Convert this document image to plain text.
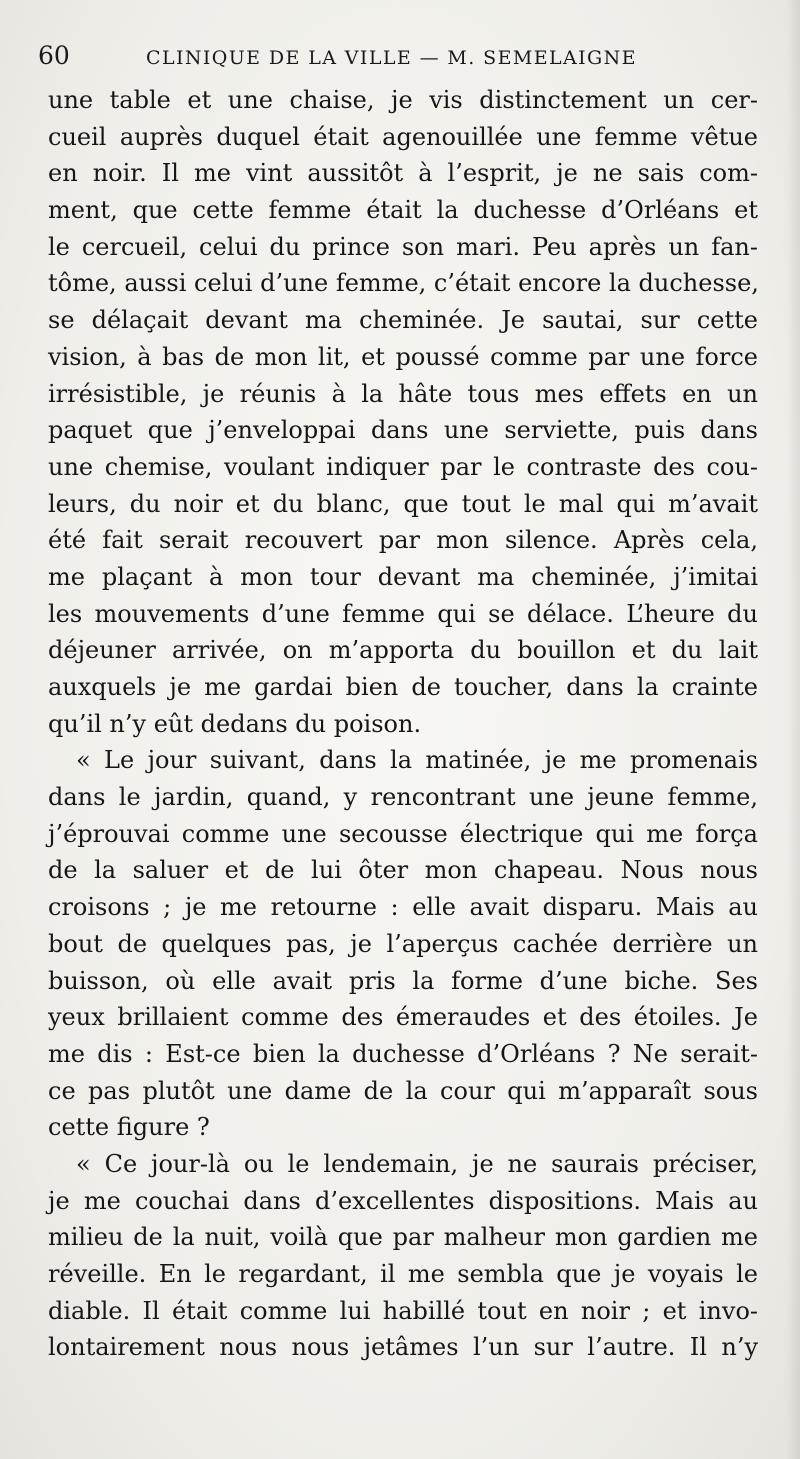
60	CLINIQUE DE LA VILLE — M. SEMELAIGNE
une table et une chaise, je vis distinctement un cer-
cueil auprès duquel était agenouillée une femme vêtue
en noir. Il me vint aussitôt à l’esprit, je ne sais com-
ment, que cette femme était la duchesse d’Orléans et
le cercueil, celui du prince son mari. Peu après un fan-
tôme, aussi celui d’une femme, c’était encore la duchesse,
se délaçait devant ma cheminée. Je sautai, sur cette
vision, à bas de mon lit, et poussé comme par une force
irrésistible, je réunis à la hâte tous mes effets en un
paquet que j’enveloppai dans une serviette, puis dans
une chemise, voulant indiquer par le contraste des cou-
leurs, du noir et du blanc, que tout le mal qui m’avait
été fait serait recouvert par mon silence. Après cela,
me plaçant à mon tour devant ma cheminée, j’imitai
les mouvements d’une femme qui se délace. L’heure du
déjeuner arrivée, on m’apporta du bouillon et du lait
auxquels je me gardai bien de toucher, dans la crainte
qu’il n’y eût dedans du poison.
« Le jour suivant, dans la matinée, je me promenais
dans le jardin, quand, y rencontrant une jeune femme,
j’éprouvai comme une secousse électrique qui me força
de la saluer et de lui ôter mon chapeau. Nous nous
croisons ; je me retourne : elle avait disparu. Mais au
bout de quelques pas, je l’aperçus cachée derrière un
buisson, où elle avait pris la forme d’une biche. Ses
yeux brillaient comme des émeraudes et des étoiles. Je
me dis : Est-ce bien la duchesse d’Orléans ? Ne serait-
ce pas plutôt une dame de la cour qui m’apparaît sous
cette figure ?
« Ce jour-là ou le lendemain, je ne saurais préciser,
je me couchai dans d’excellentes dispositions. Mais au
milieu de la nuit, voilà que par malheur mon gardien me
réveille. En le regardant, il me sembla que je voyais le
diable. Il était comme lui habillé tout en noir ; et invo-
lontairement nous nous jetâmes l’un sur l’autre. Il n’y
